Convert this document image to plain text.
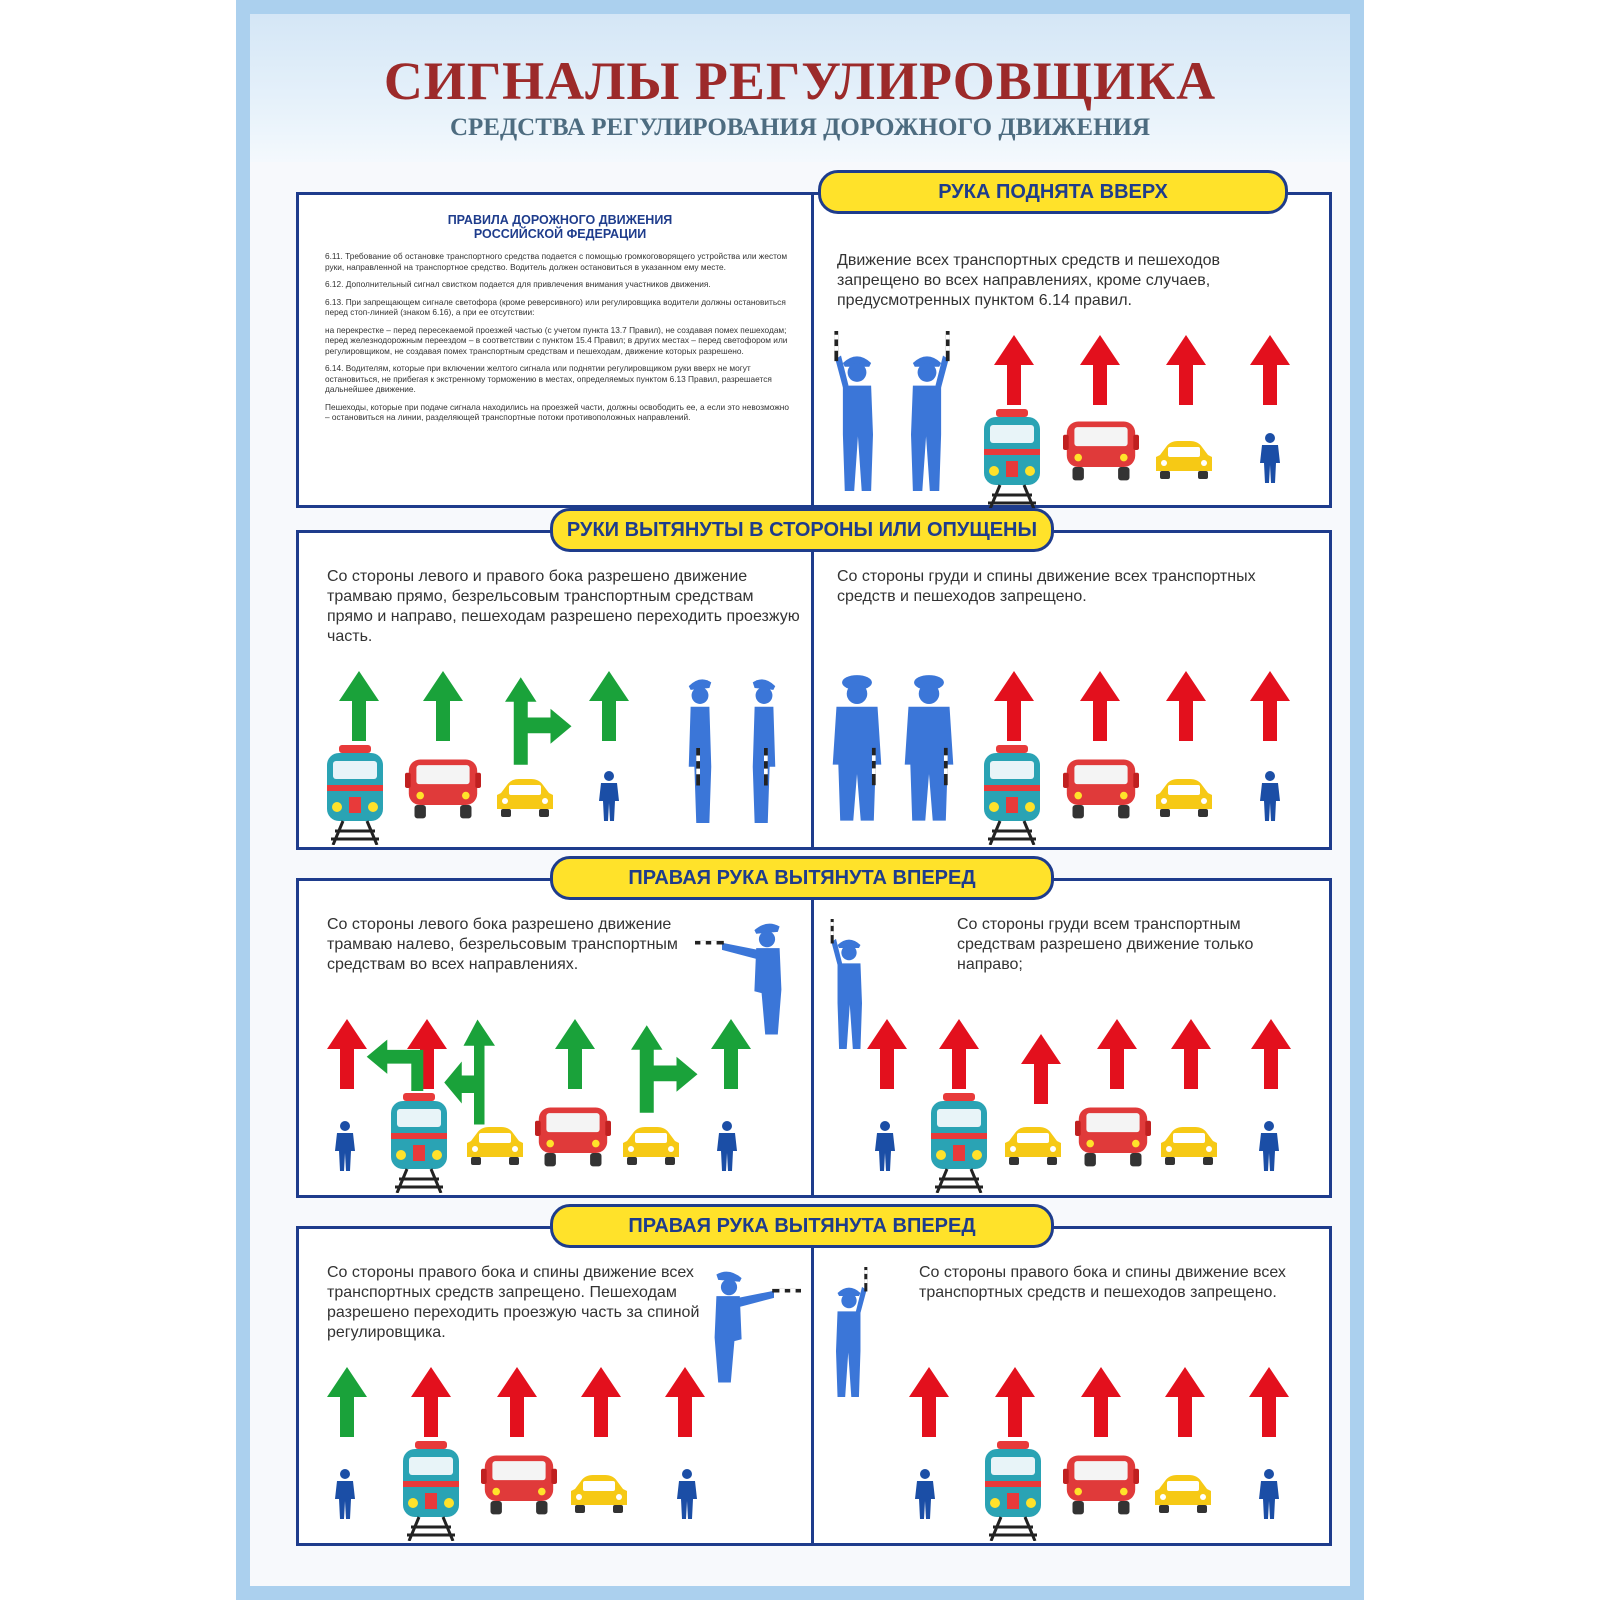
СИГНАЛЫ РЕГУЛИРОВЩИКА
СРЕДСТВА РЕГУЛИРОВАНИЯ ДОРОЖНОГО ДВИЖЕНИЯ
ПРАВИЛА ДОРОЖНОГО ДВИЖЕНИЯ
РОССИЙСКОЙ ФЕДЕРАЦИИ

6.11. Требование об остановке транспортного средства подается с помощью громкоговорящего устройства или жестом руки, направленной на транспортное средство. Водитель должен остановиться в указанном ему месте.

6.12. Дополнительный сигнал свистком подается для привлечения внимания участников движения.

6.13. При запрещающем сигнале светофора (кроме реверсивного) или регулировщика водители должны остановиться перед стоп-линией (знаком 6.16), а при ее отсутствии:

на перекрестке – перед пересекаемой проезжей частью (с учетом пункта 13.7 Правил), не создавая помех пешеходам; перед железнодорожным переездом – в соответствии с пунктом 15.4 Правил; в других местах – перед светофором или регулировщиком, не создавая помех транспортным средствам и пешеходам, движение которых разрешено.

6.14. Водителям, которые при включении желтого сигнала или поднятии регулировщиком руки вверх не могут остановиться, не прибегая к экстренному торможению в местах, определяемых пунктом 6.13 Правил, разрешается дальнейшее движение.

Пешеходы, которые при подаче сигнала находились на проезжей части, должны освободить ее, а если это невозможно – остановиться на линии, разделяющей транспортные потоки противоположных направлений.

Движение всех транспортных средств и пешеходов запрещено во всех направлениях, кроме случаев, предусмотренных пунктом 6.14 правил.
РУКА ПОДНЯТА ВВЕРХ
Со стороны левого и правого бока разрешено движение трамваю прямо, безрельсовым транспортным средствам прямо и направо, пешеходам разрешено переходить проезжую часть.
Со стороны груди и спины движение всех транспортных средств и пешеходов запрещено.
РУКИ ВЫТЯНУТЫ В СТОРОНЫ ИЛИ ОПУЩЕНЫ
Со стороны левого бока разрешено движение трамваю налево, безрельсовым транспортным средствам во всех направлениях.
Со стороны груди всем транспортным средствам разрешено движение только направо;
ПРАВАЯ РУКА ВЫТЯНУТА ВПЕРЕД
Со стороны правого бока и спины движение всех транспортных средств запрещено. Пешеходам разрешено переходить проезжую часть за спиной регулировщика.
Со стороны правого бока и спины движение всех транспортных средств и пешеходов запрещено.
ПРАВАЯ РУКА ВЫТЯНУТА ВПЕРЕД
